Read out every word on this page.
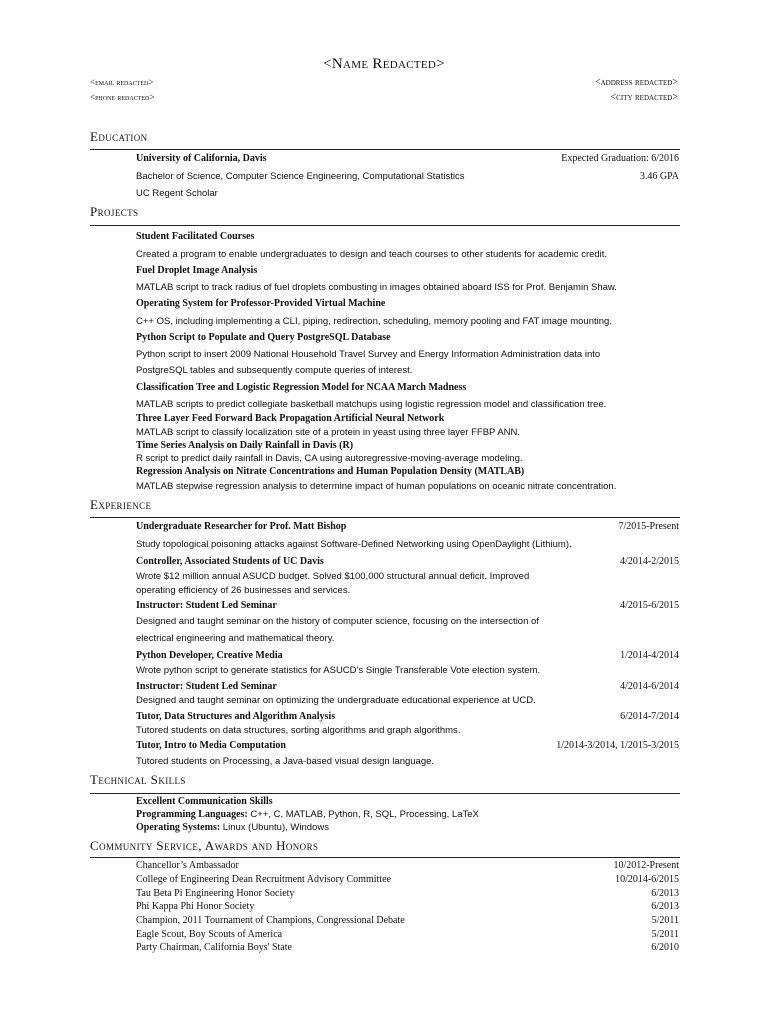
<Name Redacted>
<email redacted>
<phone redacted>
<address redacted>
<city redacted>
Education
University of California, Davis	Expected Graduation: 6/2016
Bachelor of Science, Computer Science Engineering, Computational Statistics	3.46 GPA
UC Regent Scholar
Projects
Student Facilitated Courses
Created a program to enable undergraduates to design and teach courses to other students for academic credit.
Fuel Droplet Image Analysis
MATLAB script to track radius of fuel droplets combusting in images obtained aboard ISS for Prof. Benjamin Shaw.
Operating System for Professor-Provided Virtual Machine
C++ OS, including implementing a CLI, piping, redirection, scheduling, memory pooling and FAT image mounting.
Python Script to Populate and Query PostgreSQL Database
Python script to insert 2009 National Household Travel Survey and Energy Information Administration data into
PostgreSQL tables and subsequently compute queries of interest.
Classification Tree and Logistic Regression Model for NCAA March Madness
MATLAB scripts to predict collegiate basketball matchups using logistic regression model and classification tree.
Three Layer Feed Forward Back Propagation Artificial Neural Network
MATLAB script to classify localization site of a protein in yeast using three layer FFBP ANN.
Time Series Analysis on Daily Rainfall in Davis (R)
R script to predict daily rainfall in Davis, CA using autoregressive-moving-average modeling.
Regression Analysis on Nitrate Concentrations and Human Population Density (MATLAB)
MATLAB stepwise regression analysis to determine impact of human populations on oceanic nitrate concentration.
Experience
Undergraduate Researcher for Prof. Matt Bishop	7/2015-Present
Study topological poisoning attacks against Software-Defined Networking using OpenDaylight (Lithium).
Controller, Associated Students of UC Davis	4/2014-2/2015
Wrote $12 million annual ASUCD budget. Solved $100,000 structural annual deficit. Improved
operating efficiency of 26 businesses and services.
Instructor: Student Led Seminar	4/2015-6/2015
Designed and taught seminar on the history of computer science, focusing on the intersection of
electrical engineering and mathematical theory.
Python Developer, Creative Media	1/2014-4/2014
Wrote python script to generate statistics for ASUCD’s Single Transferable Vote election system.
Instructor: Student Led Seminar	4/2014-6/2014
Designed and taught seminar on optimizing the undergraduate educational experience at UCD.
Tutor, Data Structures and Algorithm Analysis	6/2014-7/2014
Tutored students on data structures, sorting algorithms and graph algorithms.
Tutor, Intro to Media Computation	1/2014-3/2014, 1/2015-3/2015
Tutored students on Processing, a Java-based visual design language.
Technical Skills
Excellent Communication Skills
Programming Languages: C++, C, MATLAB, Python, R, SQL, Processing, LaTeX
Operating Systems: Linux (Ubuntu), Windows
Community Service, Awards and Honors
Chancellor’s Ambassador	10/2012-Present
College of Engineering Dean Recruitment Advisory Committee	10/2014-6/2015
Tau Beta Pi Engineering Honor Society	6/2013
Phi Kappa Phi Honor Society	6/2013
Champion, 2011 Tournament of Champions, Congressional Debate	5/2011
Eagle Scout, Boy Scouts of America	5/2011
Party Chairman, California Boys' State	6/2010
